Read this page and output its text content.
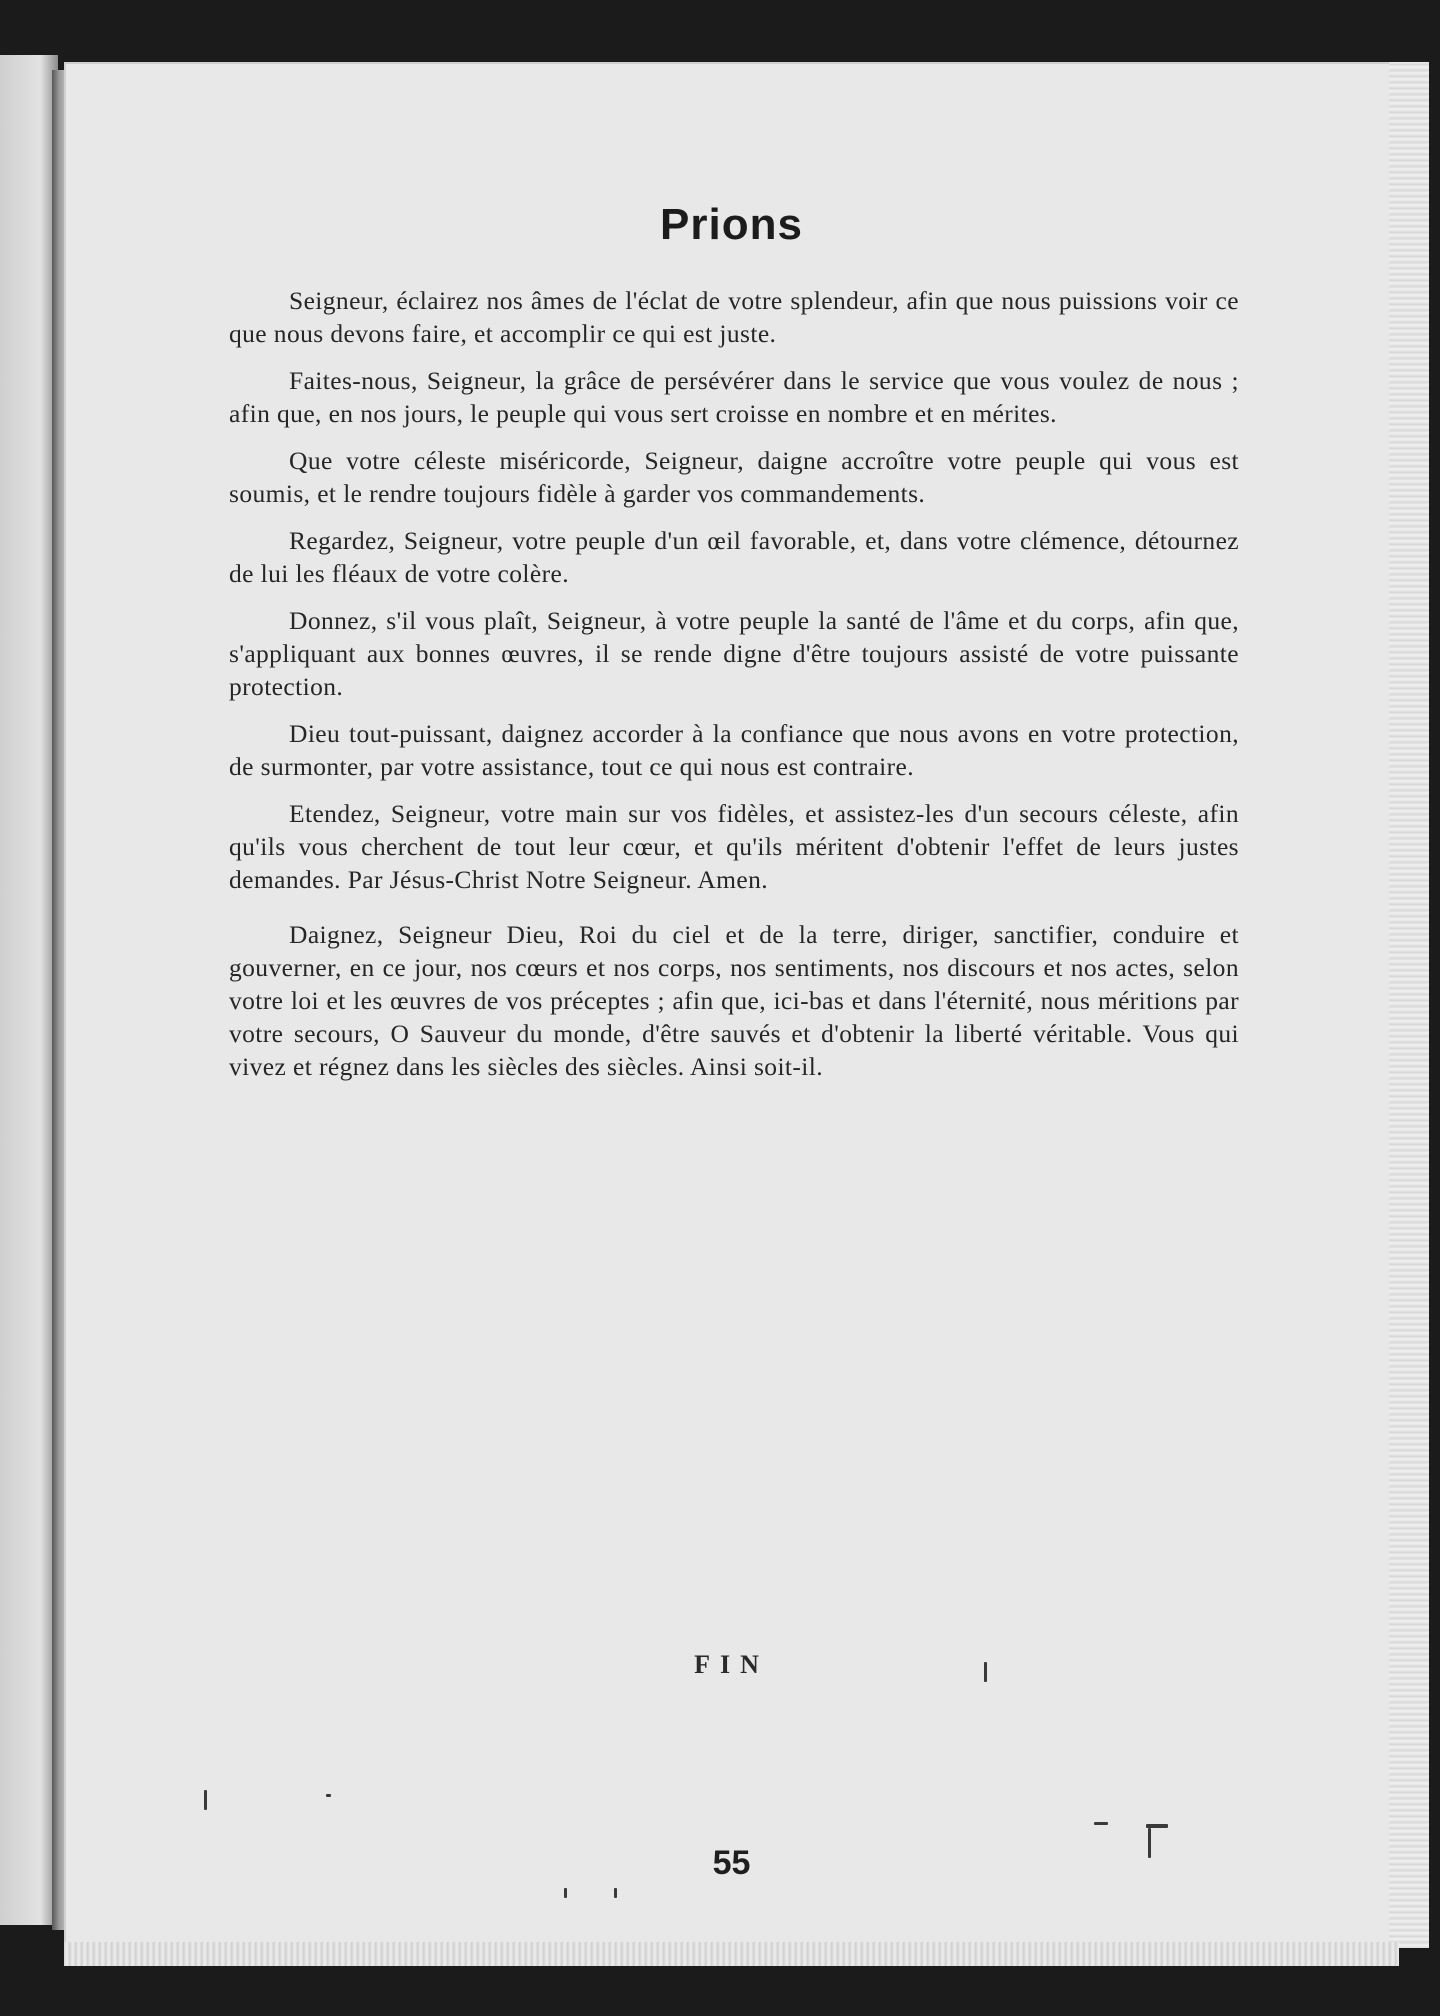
Prions

Seigneur, éclairez nos âmes de l'éclat de votre splendeur, afin que nous puissions voir ce que nous devons faire, et accomplir ce qui est juste.

Faites-nous, Seigneur, la grâce de persévérer dans le service que vous voulez de nous ; afin que, en nos jours, le peuple qui vous sert croisse en nombre et en mérites.

Que votre céleste miséricorde, Seigneur, daigne accroître votre peuple qui vous est soumis, et le rendre toujours fidèle à garder vos commandements.

Regardez, Seigneur, votre peuple d'un œil favorable, et, dans votre clémence, détournez de lui les fléaux de votre colère.

Donnez, s'il vous plaît, Seigneur, à votre peuple la santé de l'âme et du corps, afin que, s'appliquant aux bonnes œuvres, il se rende digne d'être toujours assisté de votre puissante protection.

Dieu tout-puissant, daignez accorder à la confiance que nous avons en votre protection, de surmonter, par votre assistance, tout ce qui nous est contraire.

Etendez, Seigneur, votre main sur vos fidèles, et assistez-les d'un secours céleste, afin qu'ils vous cherchent de tout leur cœur, et qu'ils méritent d'obtenir l'effet de leurs justes demandes. Par Jésus-Christ Notre Seigneur. Amen.

Daignez, Seigneur Dieu, Roi du ciel et de la terre, diriger, sanctifier, conduire et gouverner, en ce jour, nos cœurs et nos corps, nos sentiments, nos discours et nos actes, selon votre loi et les œuvres de vos préceptes ; afin que, ici-bas et dans l'éternité, nous méritions par votre secours, O Sauveur du monde, d'être sauvés et d'obtenir la liberté véritable. Vous qui vivez et régnez dans les siècles des siècles. Ainsi soit-il.

FIN
55
